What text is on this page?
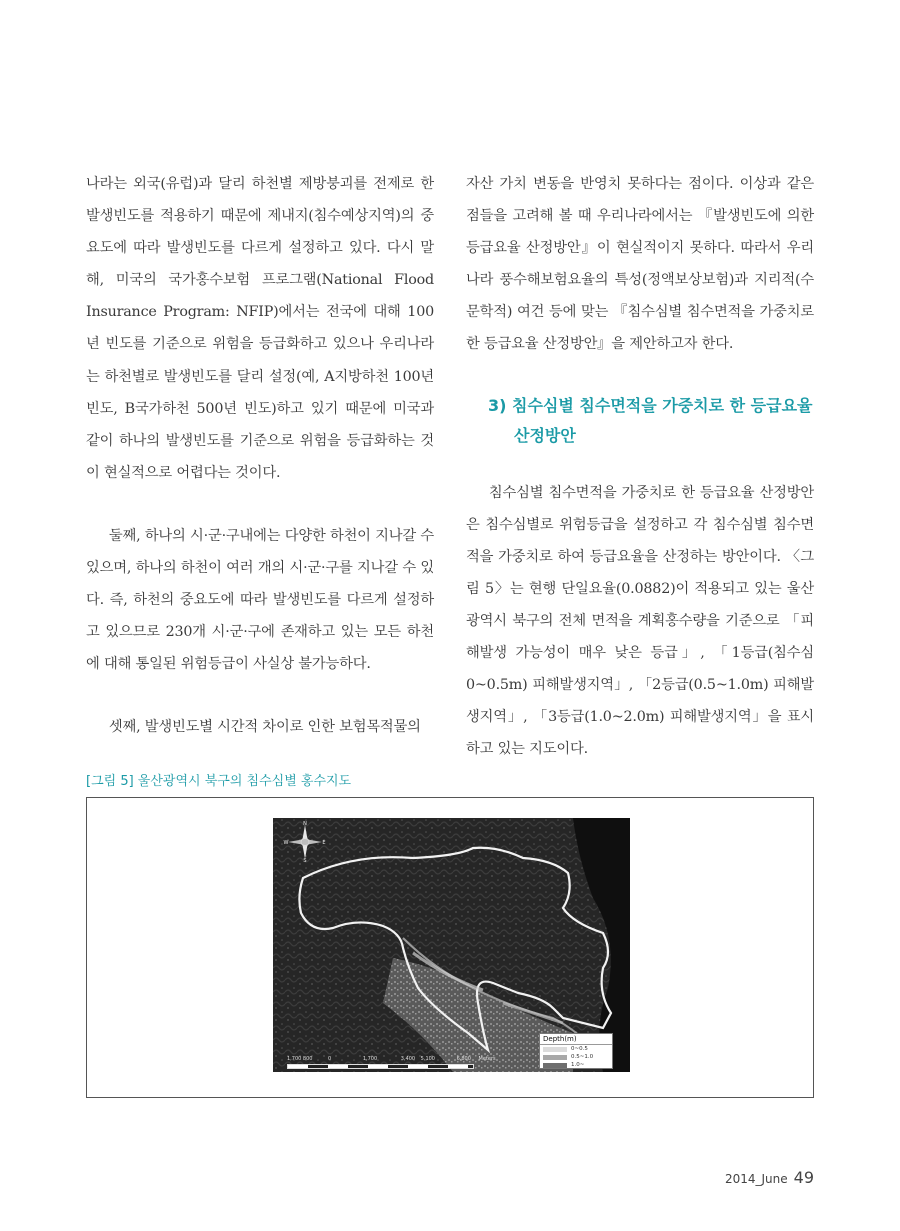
나라는 외국(유럽)과 달리 하천별 제방붕괴를 전제로 한 발생빈도를 적용하기 때문에 제내지(침수예상지역)의 중요도에 따라 발생빈도를 다르게 설정하고 있다. 다시 말해, 미국의 국가홍수보험 프로그램(National Flood Insurance Program: NFIP)에서는 전국에 대해 100년 빈도를 기준으로 위험을 등급화하고 있으나 우리나라는 하천별로 발생빈도를 달리 설정(예, A지방하천 100년 빈도, B국가하천 500년 빈도)하고 있기 때문에 미국과 같이 하나의 발생빈도를 기준으로 위험을 등급화하는 것이 현실적으로 어렵다는 것이다.

둘째, 하나의 시·군·구내에는 다양한 하천이 지나갈 수 있으며, 하나의 하천이 여러 개의 시·군·구를 지나갈 수 있다. 즉, 하천의 중요도에 따라 발생빈도를 다르게 설정하고 있으므로 230개 시·군·구에 존재하고 있는 모든 하천에 대해 통일된 위험등급이 사실상 불가능하다.

셋째, 발생빈도별 시간적 차이로 인한 보험목적물의

자산 가치 변동을 반영치 못하다는 점이다. 이상과 같은 점들을 고려해 볼 때 우리나라에서는 『발생빈도에 의한 등급요율 산정방안』이 현실적이지 못하다. 따라서 우리나라 풍수해보험요율의 특성(정액보상보험)과 지리적(수문학적) 여건 등에 맞는 『침수심별 침수면적을 가중치로 한 등급요율 산정방안』을 제안하고자 한다.

3) 침수심별 침수면적을 가중치로 한 등급요율
산정방안

침수심별 침수면적을 가중치로 한 등급요율 산정방안은 침수심별로 위험등급을 설정하고 각 침수심별 침수면적을 가중치로 하여 등급요율을 산정하는 방안이다. 〈그림 5〉는 현행 단일요율(0.0882)이 적용되고 있는 울산광역시 북구의 전체 면적을 계획홍수량을 기준으로 「피해발생 가능성이 매우 낮은 등급」, 「1등급(침수심 0~0.5m) 피해발생지역」, 「2등급(0.5~1.0m) 피해발생지역」, 「3등급(1.0~2.0m) 피해발생지역」을 표시하고 있는 지도이다.

[그림 5] 울산광역시 북구의 침수심별 홍수지도
N
S
E
W
1,700 800	0	1,700	3,400 5,100	6,800 Meters
Depth(m)
0~0.5
0.5~1.0
1.0~
2014_June 49
